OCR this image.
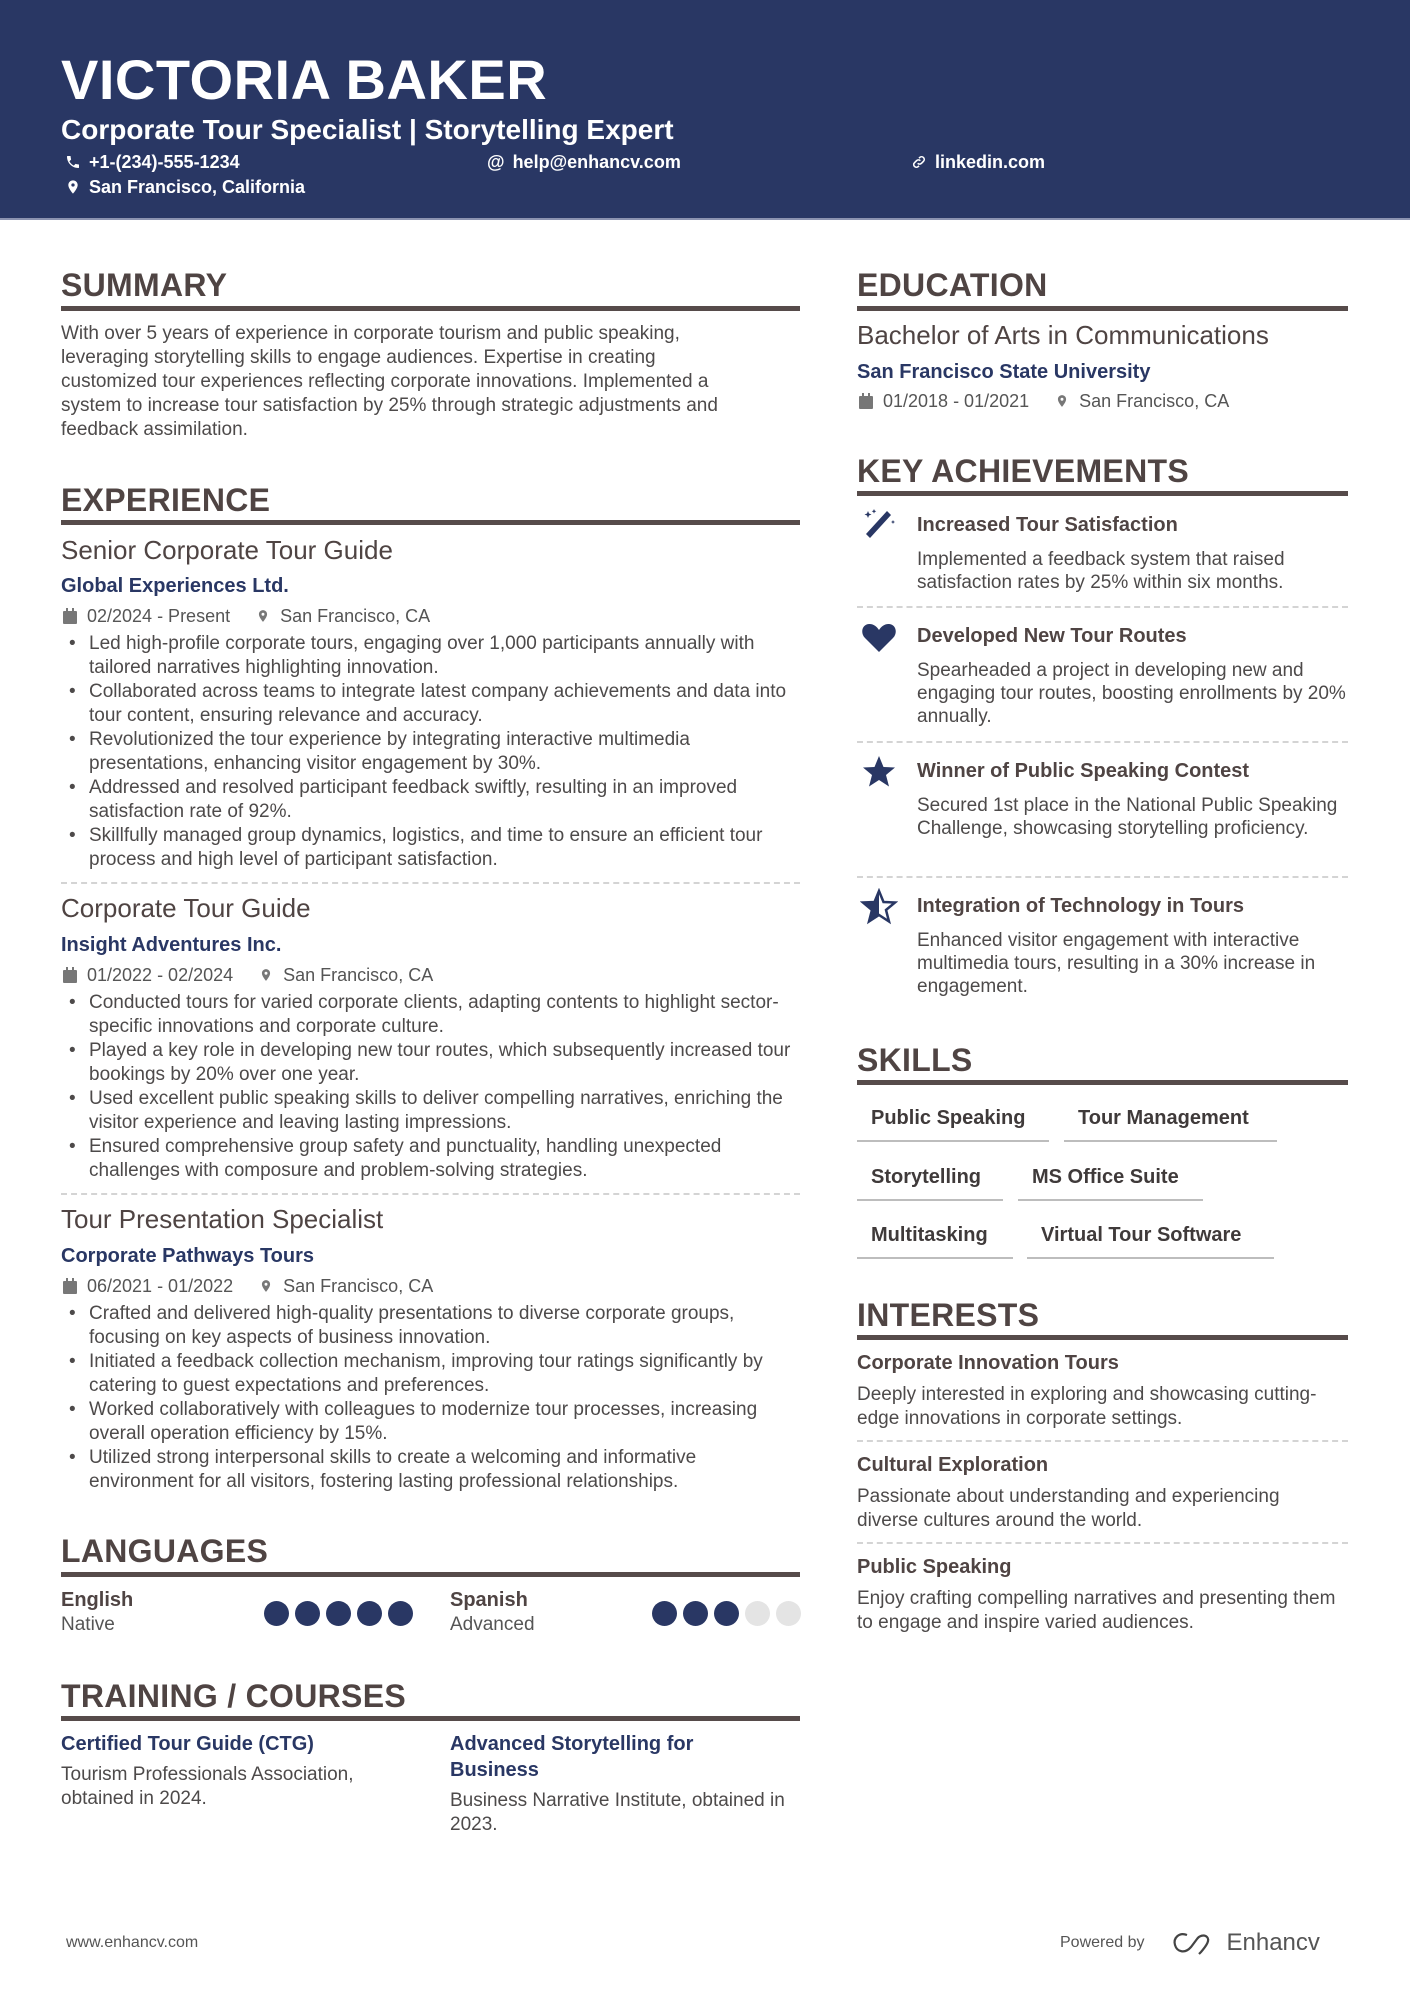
VICTORIA BAKER
Corporate Tour Specialist | Storytelling Expert
+1-(234)-555-1234	@ help@enhancv.com	linkedin.com
San Francisco, California
SUMMARY
With over 5 years of experience in corporate tourism and public speaking,
leveraging storytelling skills to engage audiences. Expertise in creating
customized tour experiences reflecting corporate innovations. Implemented a
system to increase tour satisfaction by 25% through strategic adjustments and
feedback assimilation.
EXPERIENCE
Senior Corporate Tour Guide
Global Experiences Ltd.
02/2024 - Present	San Francisco, CA
• Led high-profile corporate tours, engaging over 1,000 participants annually with tailored narratives highlighting innovation.
• Collaborated across teams to integrate latest company achievements and data into tour content, ensuring relevance and accuracy.
• Revolutionized the tour experience by integrating interactive multimedia presentations, enhancing visitor engagement by 30%.
• Addressed and resolved participant feedback swiftly, resulting in an improved satisfaction rate of 92%.
• Skillfully managed group dynamics, logistics, and time to ensure an efficient tour process and high level of participant satisfaction.
Corporate Tour Guide
Insight Adventures Inc.
01/2022 - 02/2024	San Francisco, CA
• Conducted tours for varied corporate clients, adapting contents to highlight sector-specific innovations and corporate culture.
• Played a key role in developing new tour routes, which subsequently increased tour bookings by 20% over one year.
• Used excellent public speaking skills to deliver compelling narratives, enriching the visitor experience and leaving lasting impressions.
• Ensured comprehensive group safety and punctuality, handling unexpected challenges with composure and problem-solving strategies.
Tour Presentation Specialist
Corporate Pathways Tours
06/2021 - 01/2022	San Francisco, CA
• Crafted and delivered high-quality presentations to diverse corporate groups, focusing on key aspects of business innovation.
• Initiated a feedback collection mechanism, improving tour ratings significantly by catering to guest expectations and preferences.
• Worked collaboratively with colleagues to modernize tour processes, increasing overall operation efficiency by 15%.
• Utilized strong interpersonal skills to create a welcoming and informative environment for all visitors, fostering lasting professional relationships.
LANGUAGES
English
Native
Spanish
Advanced
TRAINING / COURSES
Certified Tour Guide (CTG)
Tourism Professionals Association, obtained in 2024.
Advanced Storytelling for Business
Business Narrative Institute, obtained in 2023.
EDUCATION
Bachelor of Arts in Communications
San Francisco State University
01/2018 - 01/2021	San Francisco, CA
KEY ACHIEVEMENTS
Increased Tour Satisfaction
Implemented a feedback system that raised satisfaction rates by 25% within six months.
Developed New Tour Routes
Spearheaded a project in developing new and engaging tour routes, boosting enrollments by 20% annually.
Winner of Public Speaking Contest
Secured 1st place in the National Public Speaking Challenge, showcasing storytelling proficiency.
Integration of Technology in Tours
Enhanced visitor engagement with interactive multimedia tours, resulting in a 30% increase in engagement.
SKILLS
Public Speaking	Tour Management
Storytelling	MS Office Suite
Multitasking	Virtual Tour Software
INTERESTS
Corporate Innovation Tours
Deeply interested in exploring and showcasing cutting-edge innovations in corporate settings.
Cultural Exploration
Passionate about understanding and experiencing diverse cultures around the world.
Public Speaking
Enjoy crafting compelling narratives and presenting them to engage and inspire varied audiences.
www.enhancv.com	Powered by	Enhancv
